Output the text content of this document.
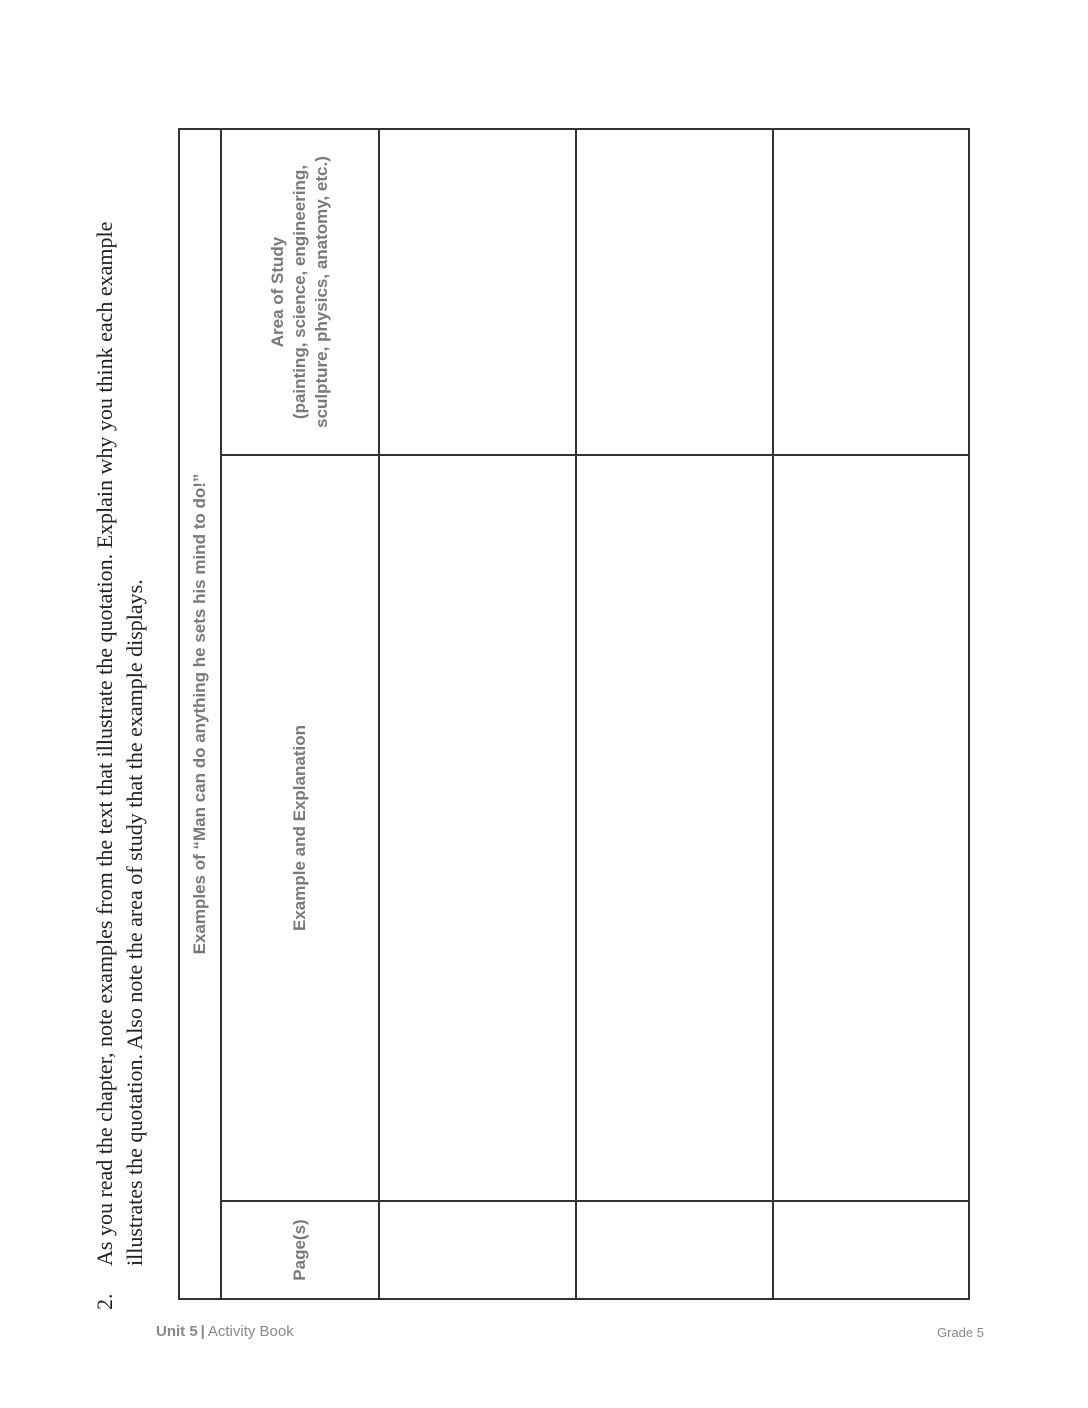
2.
As you read the chapter, note examples from the text that illustrate the quotation. Explain why you think each example illustrates the quotation. Also note the area of study that the example displays.	Examples of “Man can do anything he sets his mind to do!”
Page(s)
Example and Explanation
Area of Study (painting, science, engineering, sculpture, physics, anatomy, etc.)
Unit 5 | Activity Book	Grade 5
